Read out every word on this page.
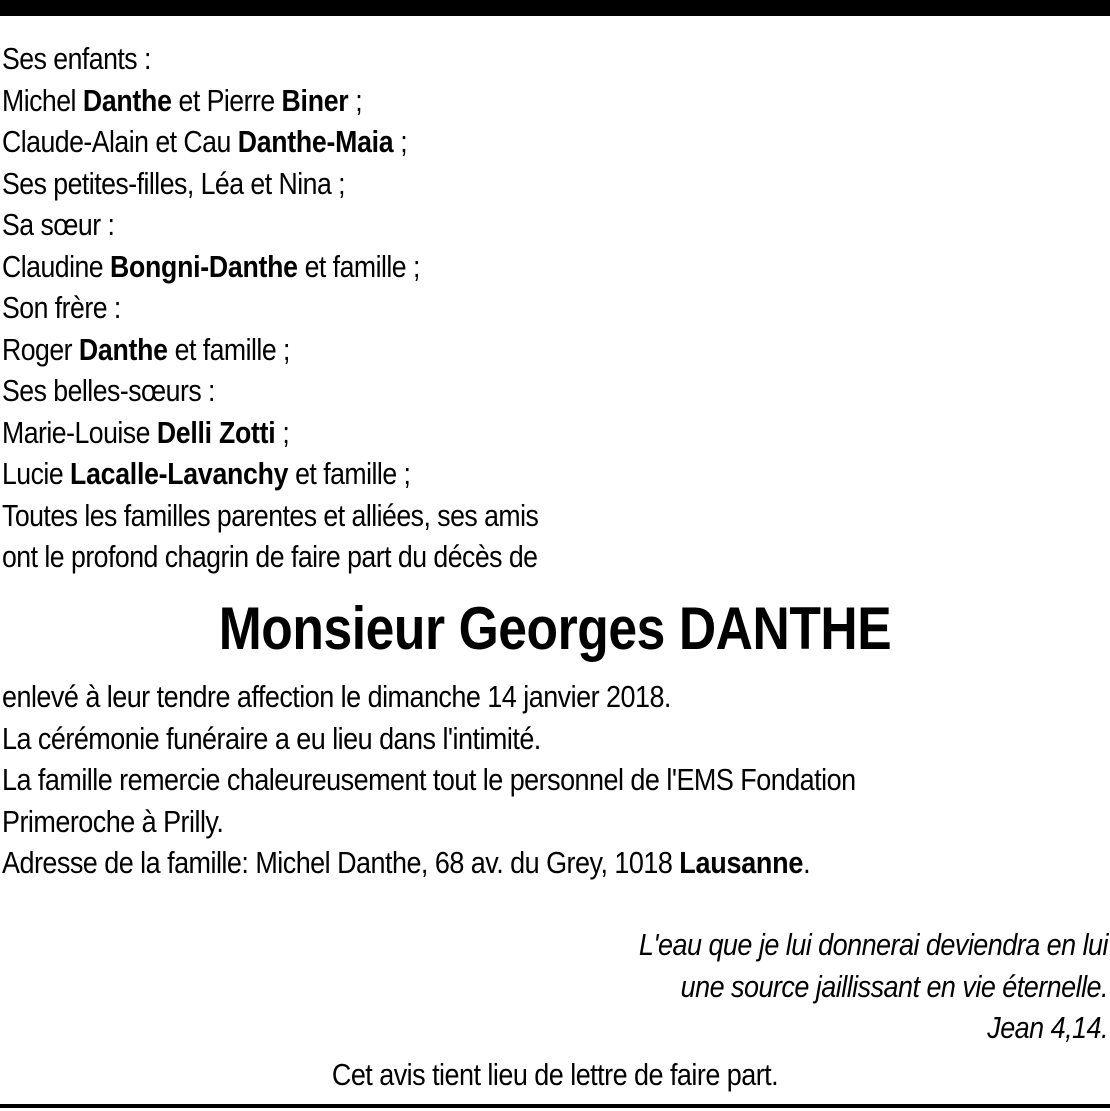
Ses enfants :
Michel Danthe et Pierre Biner ;
Claude-Alain et Cau Danthe-Maia ;
Ses petites-filles, Léa et Nina ;
Sa sœur :
Claudine Bongni-Danthe et famille ;
Son frère :
Roger Danthe et famille ;
Ses belles-sœurs :
Marie-Louise Delli Zotti ;
Lucie Lacalle-Lavanchy et famille ;
Toutes les familles parentes et alliées, ses amis
ont le profond chagrin de faire part du décès de
Monsieur Georges DANTHE
enlevé à leur tendre affection le dimanche 14 janvier 2018.
La cérémonie funéraire a eu lieu dans l'intimité.
La famille remercie chaleureusement tout le personnel de l'EMS Fondation
Primeroche à Prilly.
Adresse de la famille: Michel Danthe, 68 av. du Grey, 1018 Lausanne.
L'eau que je lui donnerai deviendra en lui
une source jaillissant en vie éternelle.
Jean 4,14.
Cet avis tient lieu de lettre de faire part.
